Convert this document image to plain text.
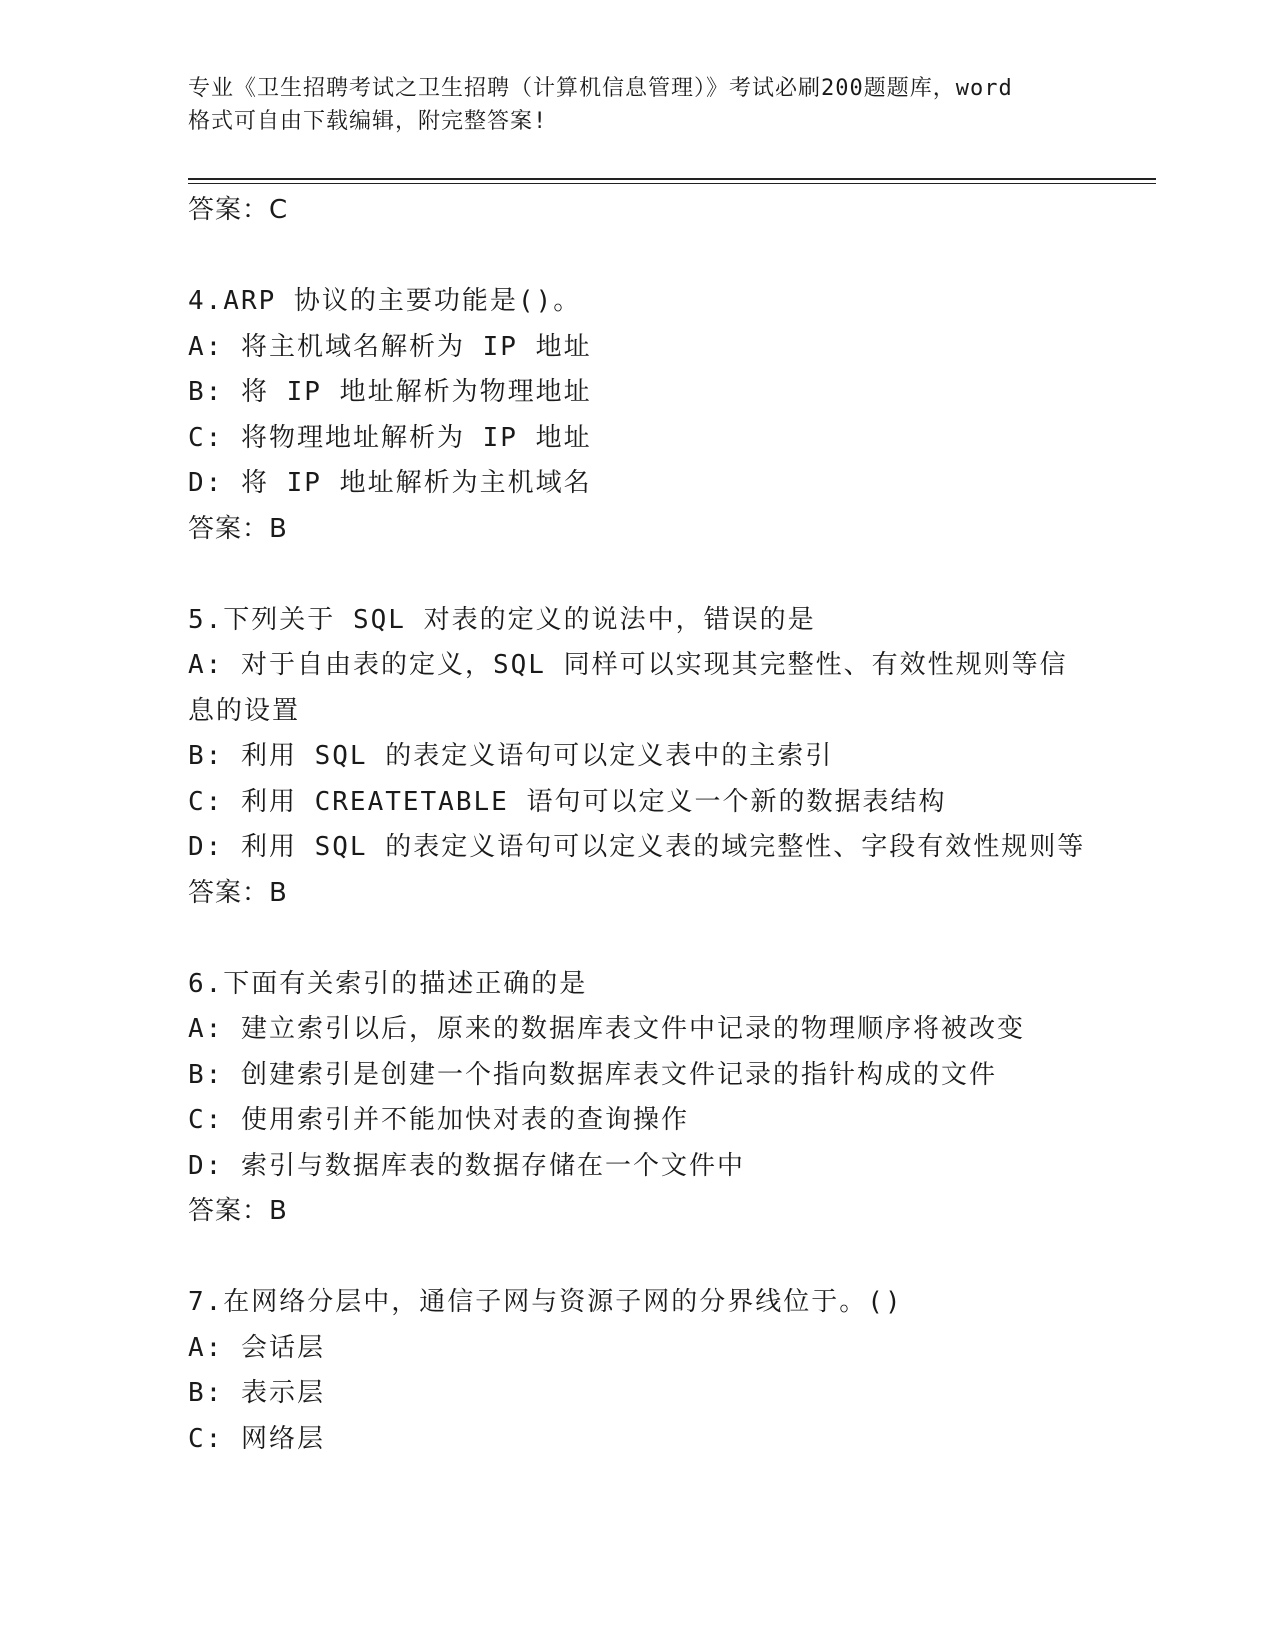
专业《卫生招聘考试之卫生招聘（计算机信息管理）》考试必刷200题题库，word
格式可自由下载编辑，附完整答案!
答案：C
4.ARP 协议的主要功能是()。
A: 将主机域名解析为 IP 地址
B: 将 IP 地址解析为物理地址
C: 将物理地址解析为 IP 地址
D: 将 IP 地址解析为主机域名
答案：B
5.下列关于 SQL 对表的定义的说法中，错误的是
A: 对于自由表的定义，SQL 同样可以实现其完整性、有效性规则等信
息的设置
B: 利用 SQL 的表定义语句可以定义表中的主索引
C: 利用 CREATETABLE 语句可以定义一个新的数据表结构
D: 利用 SQL 的表定义语句可以定义表的域完整性、字段有效性规则等
答案：B
6.下面有关索引的描述正确的是
A: 建立索引以后，原来的数据库表文件中记录的物理顺序将被改变
B: 创建索引是创建一个指向数据库表文件记录的指针构成的文件
C: 使用索引并不能加快对表的查询操作
D: 索引与数据库表的数据存储在一个文件中
答案：B
7.在网络分层中，通信子网与资源子网的分界线位于。()
A: 会话层
B: 表示层
C: 网络层
